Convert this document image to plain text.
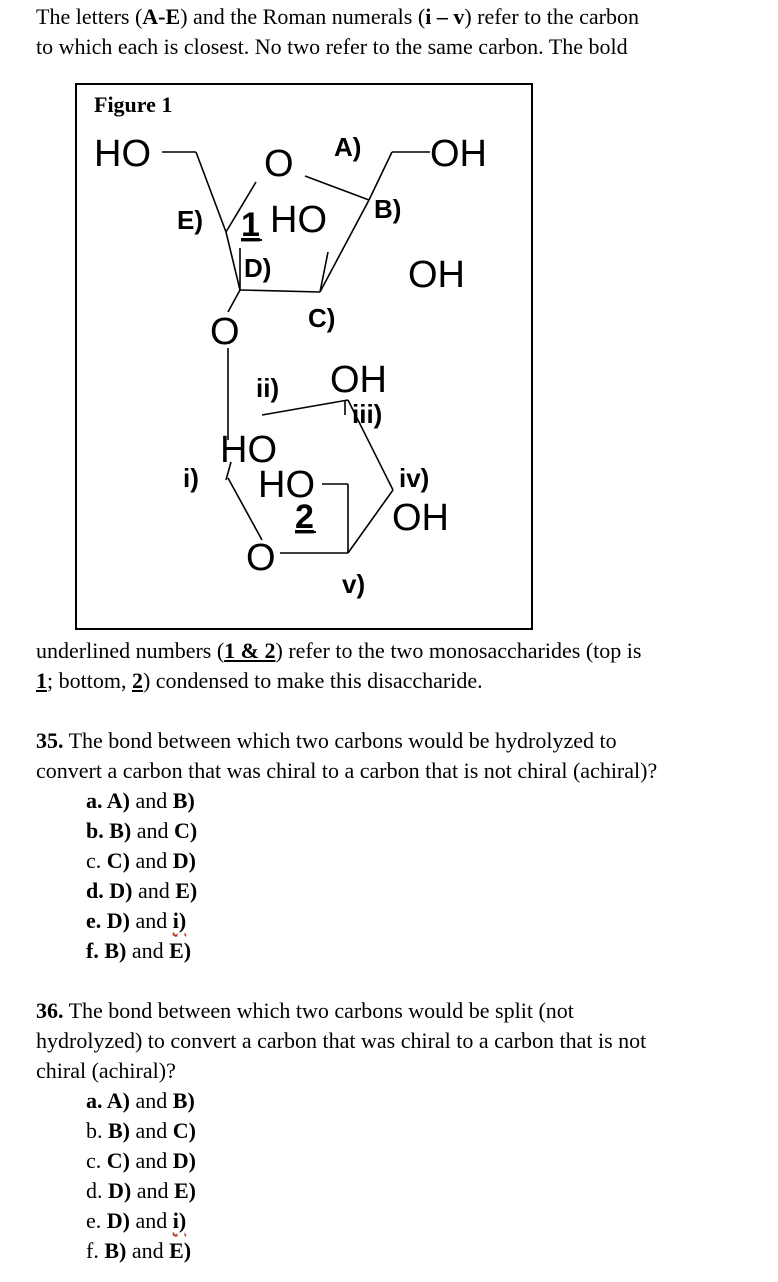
The letters (A-E) and the Roman numerals (i – v) refer to the carbon
to which each is closest. No two refer to the same carbon. The bold
Figure 1
HO	O	OH
HO
OH
O
OH
HO
HO
OH
O
A)
E)	B)
D)
C)
ii)
iii)
i)	iv)
v)
1
2
underlined numbers (1 & 2) refer to the two monosaccharides (top is
1; bottom, 2) condensed to make this disaccharide.
35. The bond between which two carbons would be hydrolyzed to
convert a carbon that was chiral to a carbon that is not chiral (achiral)?
a. A) and B)
b. B) and C)
c. C) and D)
d. D) and E)
e. D) and i)
f. B) and E)
36. The bond between which two carbons would be split (not
hydrolyzed) to convert a carbon that was chiral to a carbon that is not
chiral (achiral)?
a. A) and B)
b. B) and C)
c. C) and D)
d. D) and E)
e. D) and i)
f. B) and E)
